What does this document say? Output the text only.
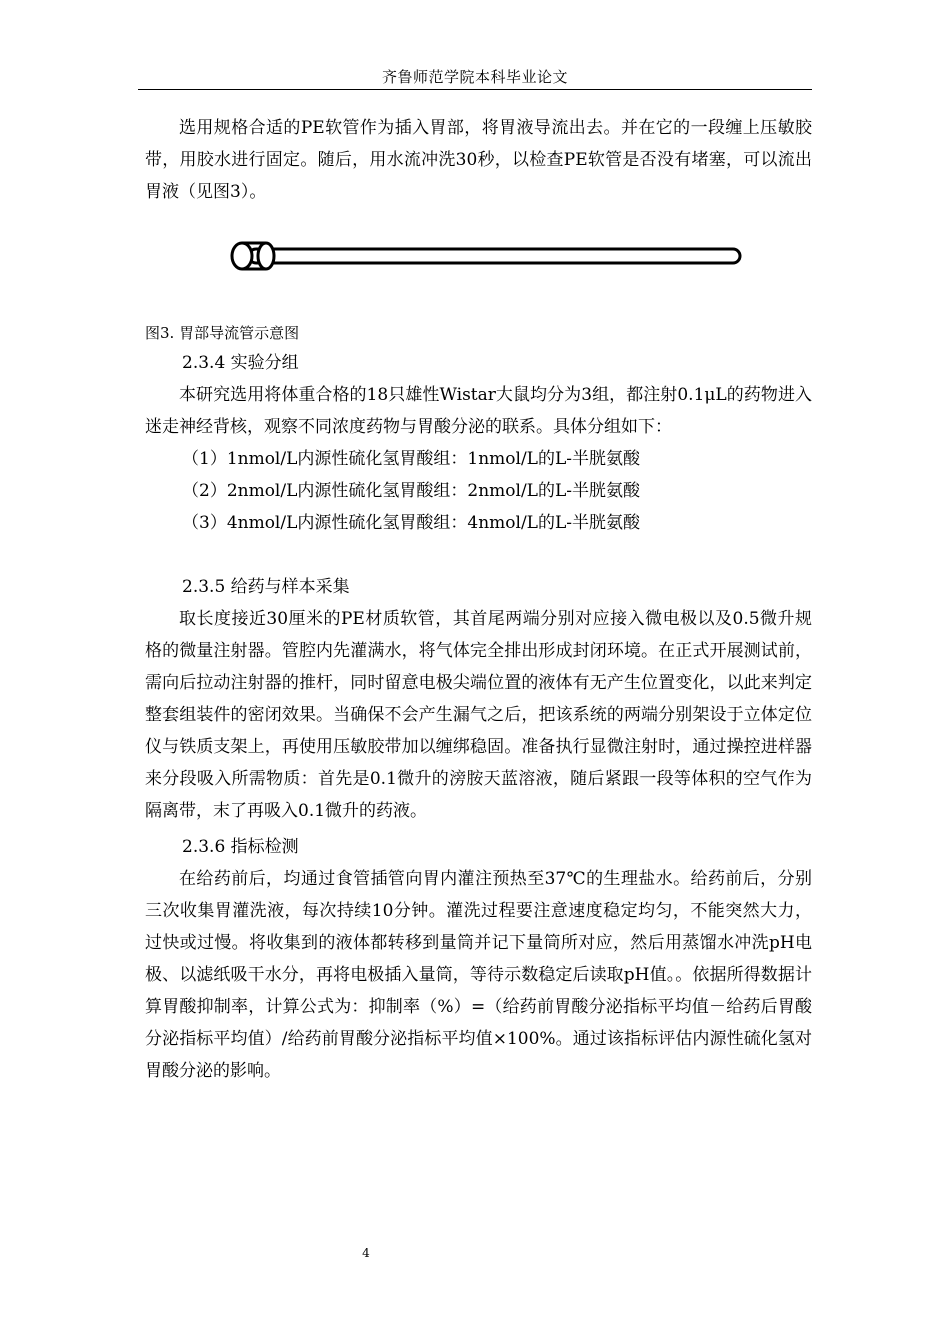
齐鲁师范学院本科毕业论文

选用规格合适的PE软管作为插入胃部，将胃液导流出去。并在它的一段缠上压敏胶带，用胶水进行固定。随后，用水流冲洗30秒，以检查PE软管是否没有堵塞，可以流出胃液（见图3）。

图3. 胃部导流管示意图

2.3.4 实验分组

本研究选用将体重合格的18只雄性Wistar大鼠均分为3组，都注射0.1μL的药物进入迷走神经背核，观察不同浓度药物与胃酸分泌的联系。具体分组如下：

（1）1nmol/L内源性硫化氢胃酸组：1nmol/L的L-半胱氨酸

（2）2nmol/L内源性硫化氢胃酸组：2nmol/L的L-半胱氨酸

（3）4nmol/L内源性硫化氢胃酸组：4nmol/L的L-半胱氨酸

2.3.5 给药与样本采集

取长度接近30厘米的PE材质软管，其首尾两端分别对应接入微电极以及0.5微升规格的微量注射器。管腔内先灌满水，将气体完全排出形成封闭环境。在正式开展测试前，需向后拉动注射器的推杆，同时留意电极尖端位置的液体有无产生位置变化，以此来判定整套组装件的密闭效果。当确保不会产生漏气之后，把该系统的两端分别架设于立体定位仪与铁质支架上，再使用压敏胶带加以缠绑稳固。准备执行显微注射时，通过操控进样器来分段吸入所需物质：首先是0.1微升的滂胺天蓝溶液，随后紧跟一段等体积的空气作为隔离带，末了再吸入0.1微升的药液。

2.3.6 指标检测

在给药前后，均通过食管插管向胃内灌注预热至37℃的生理盐水。给药前后，分别三次收集胃灌洗液，每次持续10分钟。灌洗过程要注意速度稳定均匀，不能突然大力，过快或过慢。将收集到的液体都转移到量筒并记下量筒所对应，然后用蒸馏水冲洗pH电极、以滤纸吸干水分，再将电极插入量筒，等待示数稳定后读取pH值。。依据所得数据计算胃酸抑制率，计算公式为：抑制率（%）=（给药前胃酸分泌指标平均值－给药后胃酸分泌指标平均值）/给药前胃酸分泌指标平均值×100%。通过该指标评估内源性硫化氢对胃酸分泌的影响。

4
